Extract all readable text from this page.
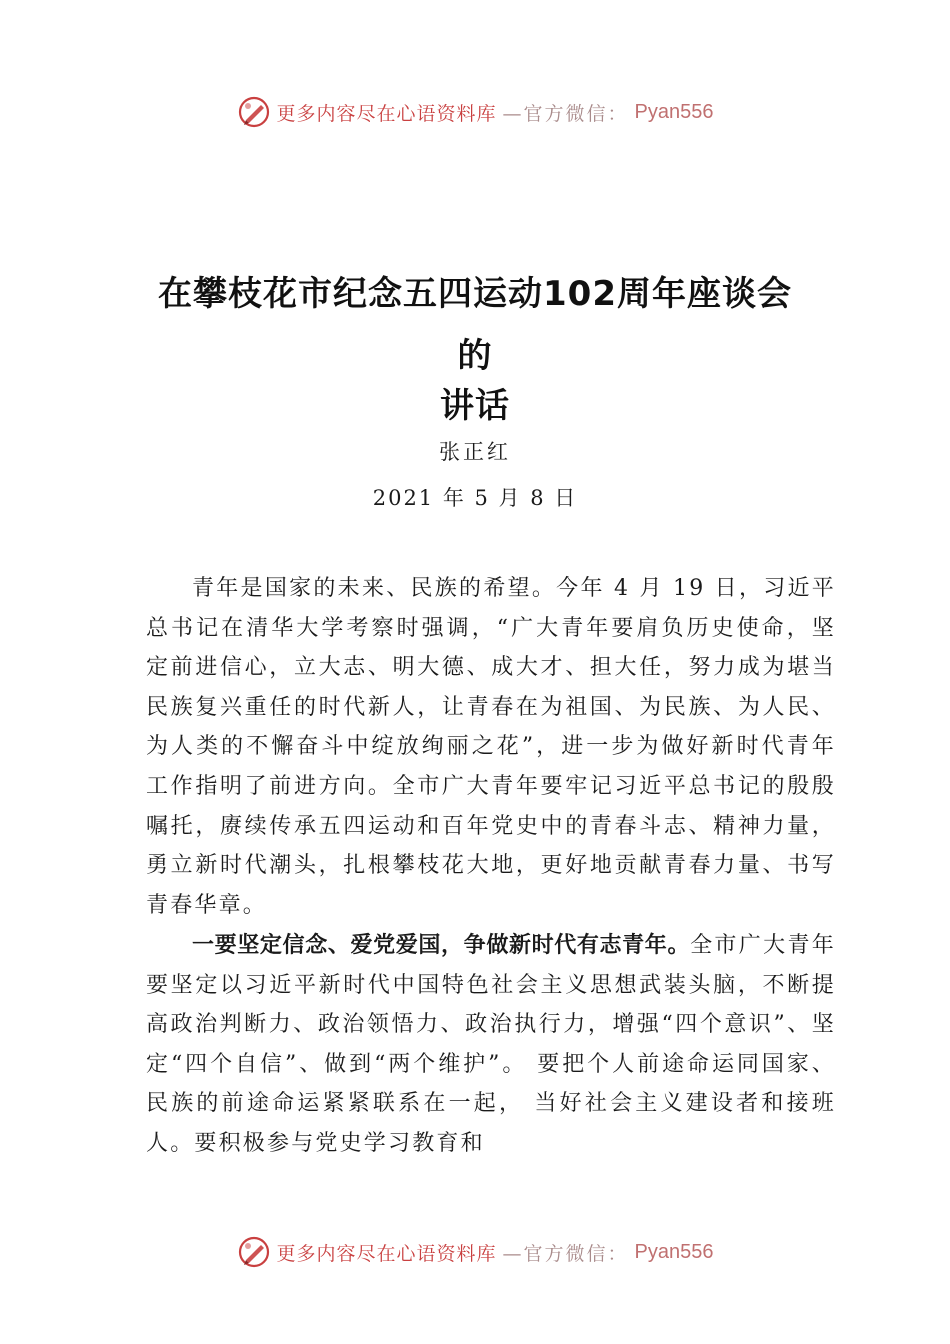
更多内容尽在心语资料库 —官方微信： Pyan556
在攀枝花市纪念五四运动102周年座谈会
的
讲话
张正红
2021 年 5 月 8 日
青年是国家的未来、民族的希望。今年 4 月 19 日，习近平总书记在清华大学考察时强调，“广大青年要肩负历史使命，坚定前进信心，立大志、明大德、成大才、担大任，努力成为堪当民族复兴重任的时代新人，让青春在为祖国、为民族、为人民、为人类的不懈奋斗中绽放绚丽之花”，进一步为做好新时代青年工作指明了前进方向。全市广大青年要牢记习近平总书记的殷殷嘱托，赓续传承五四运动和百年党史中的青春斗志、精神力量，勇立新时代潮头，扎根攀枝花大地，更好地贡献青春力量、书写青春华章。
一要坚定信念、爱党爱国，争做新时代有志青年。全市广大青年要坚定以习近平新时代中国特色社会主义思想武装头脑，不断提高政治判断力、政治领悟力、政治执行力，增强“四个意识”、坚定“四个自信”、做到“两个维护”。 要把个人前途命运同国家、民族的前途命运紧紧联系在一起， 当好社会主义建设者和接班人。要积极参与党史学习教育和
更多内容尽在心语资料库 —官方微信： Pyan556
